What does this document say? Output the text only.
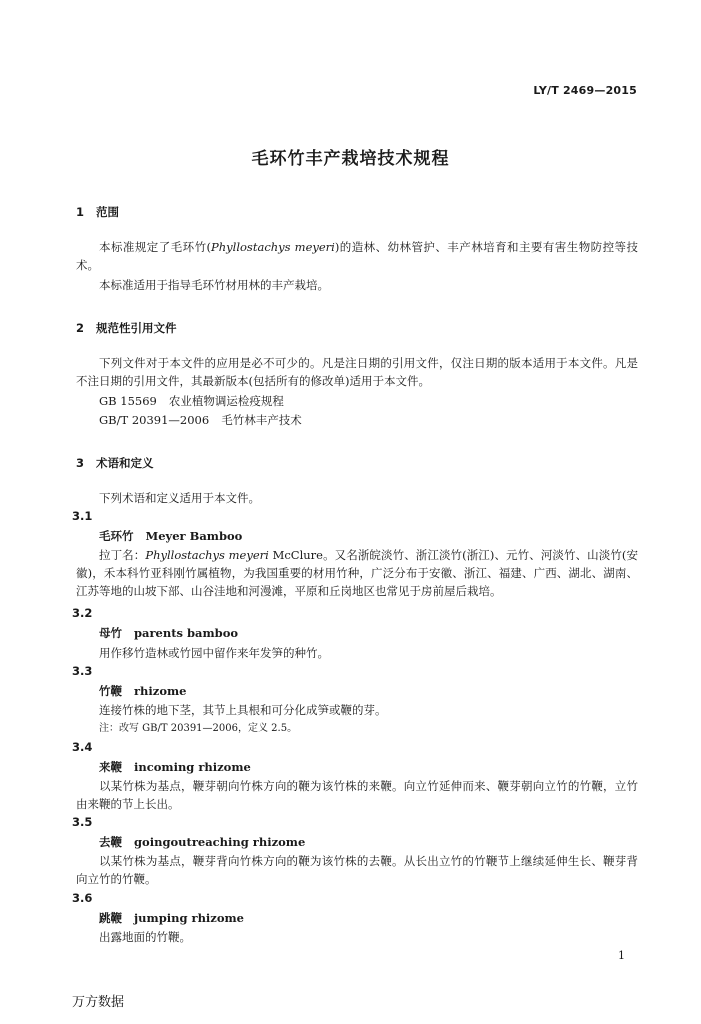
LY/T 2469—2015
毛环竹丰产栽培技术规程
1 范围
本标准规定了毛环竹(Phyllostachys meyeri)的造林、幼林管护、丰产林培育和主要有害生物防控等技术。
本标准适用于指导毛环竹材用林的丰产栽培。
2 规范性引用文件
下列文件对于本文件的应用是必不可少的。凡是注日期的引用文件，仅注日期的版本适用于本文件。凡是不注日期的引用文件，其最新版本(包括所有的修改单)适用于本文件。
GB 15569 农业植物调运检疫规程
GB/T 20391—2006 毛竹林丰产技术
3 术语和定义
下列术语和定义适用于本文件。
3.1
毛环竹 Meyer Bamboo
拉丁名：Phyllostachys meyeri McClure。又名浙皖淡竹、浙江淡竹(浙江)、元竹、河淡竹、山淡竹(安徽)，禾本科竹亚科刚竹属植物，为我国重要的材用竹种，广泛分布于安徽、浙江、福建、广西、湖北、湖南、江苏等地的山坡下部、山谷洼地和河漫滩，平原和丘岗地区也常见于房前屋后栽培。
3.2
母竹 parents bamboo
用作移竹造林或竹园中留作来年发笋的种竹。
3.3
竹鞭 rhizome
连接竹株的地下茎，其节上具根和可分化成笋或鞭的芽。
注：改写 GB/T 20391—2006，定义 2.5。
3.4
来鞭 incoming rhizome
以某竹株为基点，鞭芽朝向竹株方向的鞭为该竹株的来鞭。向立竹延伸而来、鞭芽朝向立竹的竹鞭，立竹由来鞭的节上长出。
3.5
去鞭 goingoutreaching rhizome
以某竹株为基点，鞭芽背向竹株方向的鞭为该竹株的去鞭。从长出立竹的竹鞭节上继续延伸生长、鞭芽背向立竹的竹鞭。
3.6
跳鞭 jumping rhizome
出露地面的竹鞭。
1
万方数据
